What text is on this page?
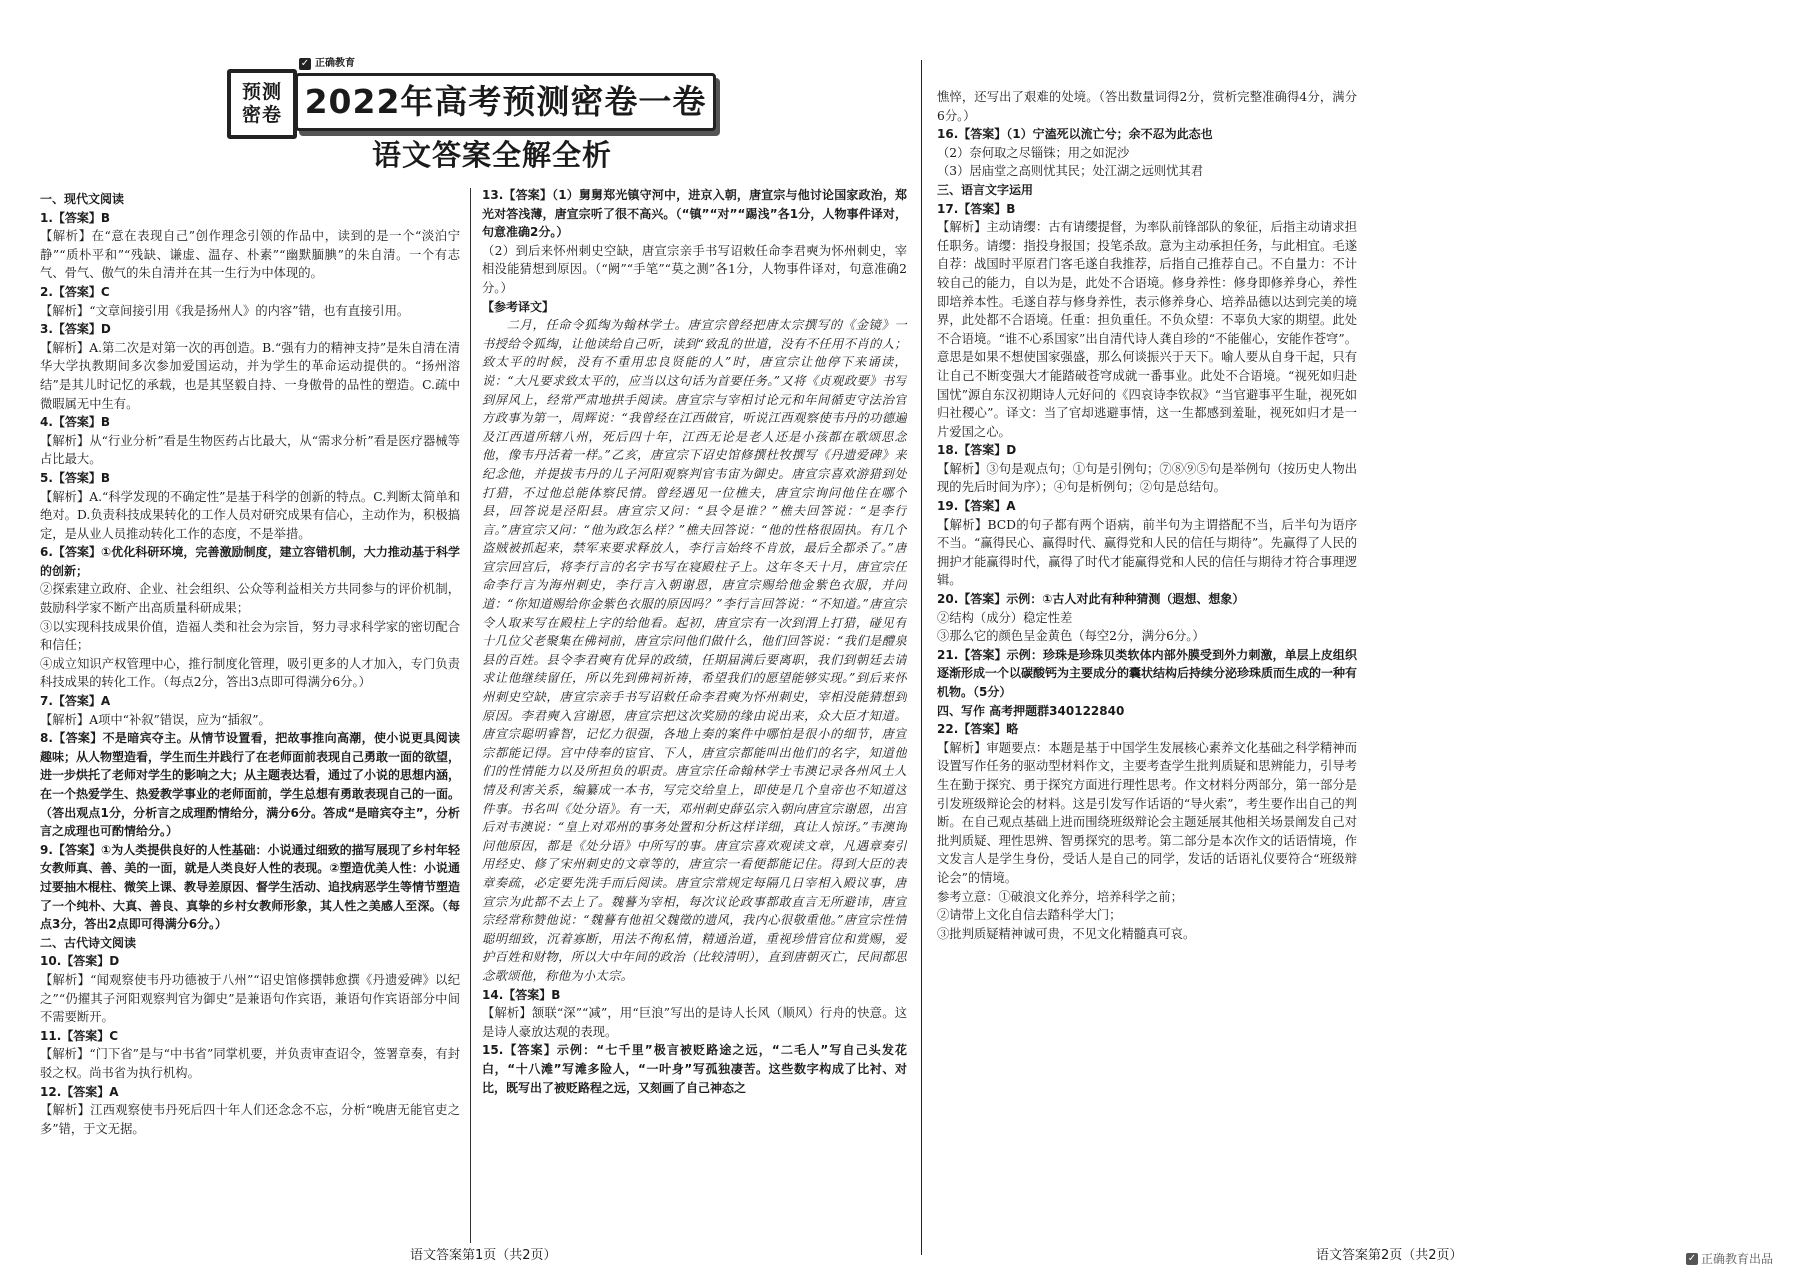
预测
密卷
✓ 正确教育
2022年高考预测密卷一卷
语文答案全解全析

一、现代文阅读

1.【答案】B

【解析】在“意在表现自己”创作理念引领的作品中，读到的是一个“淡泊宁静”“质朴平和”“残缺、谦虚、温存、朴素”“幽默腼腆”的朱自清。一个有志气、骨气、傲气的朱自清并在其一生行为中体现的。

2.【答案】C

【解析】“文章间接引用《我是扬州人》的内容”错，也有直接引用。

3.【答案】D

【解析】A.第二次是对第一次的再创造。B.“强有力的精神支持”是朱自清在清华大学执教期间多次参加爱国运动，并为学生的革命运动提供的。“扬州溶结”是其儿时记忆的承载，也是其坚毅自持、一身傲骨的品性的塑造。C.疏中微暇属无中生有。

4.【答案】B

【解析】从“行业分析”看是生物医药占比最大，从“需求分析”看是医疗器械等占比最大。

5.【答案】B

【解析】A.“科学发现的不确定性”是基于科学的创新的特点。C.判断太简单和绝对。D.负责科技成果转化的工作人员对研究成果有信心，主动作为，积极搞定，是从业人员推动转化工作的态度，不是举措。

6.【答案】①优化科研环境，完善激励制度，建立容错机制，大力推动基于科学的创新；

②探索建立政府、企业、社会组织、公众等利益相关方共同参与的评价机制，鼓励科学家不断产出高质量科研成果；

③以实现科技成果价值，造福人类和社会为宗旨，努力寻求科学家的密切配合和信任；

④成立知识产权管理中心，推行制度化管理，吸引更多的人才加入，专门负责科技成果的转化工作。（每点2分，答出3点即可得满分6分。）

7.【答案】A

【解析】A项中“补叙”错误，应为“插叙”。

8.【答案】不是暗宾夺主。从情节设置看，把故事推向高潮，使小说更具阅读趣味；从人物塑造看，学生而生并践行了在老师面前表现自己勇敢一面的欲望，进一步烘托了老师对学生的影响之大；从主题表达看，通过了小说的思想内涵，在一个热爱学生、热爱教学事业的老师面前，学生总想有勇敢表现自己的一面。（答出观点1分，分析言之成理酌情给分，满分6分。答成“是暗宾夺主”，分析言之成理也可酌情给分。）

9.【答案】①为人类提供良好的人性基础：小说通过细致的描写展现了乡村年轻女教师真、善、美的一面，就是人类良好人性的表现。②塑造优美人性：小说通过要抽木棍柱、微笑上课、教导差原因、督学生活动、追找病恶学生等情节塑造了一个纯朴、大真、善良、真挚的乡村女教师形象，其人性之美感人至深。（每点3分，答出2点即可得满分6分。）

二、古代诗文阅读

10.【答案】D

【解析】“闻观察使韦丹功德被于八州”“诏史馆修撰韩愈撰《丹遗爱碑》以纪之”“仍擢其子河阳观察判官为御史”是兼语句作宾语，兼语句作宾语部分中间不需要断开。

11.【答案】C

【解析】“门下省”是与“中书省”同掌机要，并负责审查诏令，签署章奏，有封驳之权。尚书省为执行机构。

12.【答案】A

【解析】江西观察使韦丹死后四十年人们还念念不忘，分析“晚唐无能官吏之多”错，于文无据。

13.【答案】（1）舅舅郑光镇守河中，进京入朝，唐宣宗与他讨论国家政治，郑光对答浅薄，唐宣宗听了很不高兴。（“镇”“对”“踢浅”各1分，人物事件译对，句意准确2分。）

（2）到后来怀州刺史空缺，唐宣宗亲手书写诏敕任命李君奭为怀州刺史，宰相没能猜想到原因。（“阙”“手笔”“莫之测”各1分，人物事件译对，句意准确2分。）

【参考译文】

二月，任命令狐绹为翰林学士。唐宣宗曾经把唐太宗撰写的《金镜》一书授给令狐绹，让他读给自己听，读到“致乱的世道，没有不任用不肖的人；致太平的时候，没有不重用忠良贤能的人”时，唐宣宗让他停下来诵读，说：“大凡要求致太平的，应当以这句话为首要任务。”又将《贞观政要》书写到屏风上，经常严肃地拱手阅读。唐宣宗与宰相讨论元和年间循吏守法治官方政事为第一，周辉说：“我曾经在江西做官，听说江西观察使韦丹的功德遍及江西道所辖八州，死后四十年，江西无论是老人还是小孩都在歌颂思念他，像韦丹活着一样。”乙亥，唐宣宗下诏史馆修撰杜牧撰写《丹遗爱碑》来纪念他，并提拔韦丹的儿子河阳观察判官韦宙为御史。唐宣宗喜欢游猎到处打猎，不过他总能体察民情。曾经遇见一位樵夫，唐宣宗询问他住在哪个县，回答说是泾阳县。唐宣宗又问：“县令是谁？”樵夫回答说：“是李行言。”唐宣宗又问：“他为政怎么样？”樵夫回答说：“他的性格很固执。有几个盗贼被抓起来，禁军来要求释放人，李行言始终不肯放，最后全都杀了。”唐宣宗回宫后，将李行言的名字书写在寝殿柱子上。这年冬天十月，唐宣宗任命李行言为海州刺史，李行言入朝谢恩，唐宣宗赐给他金紫色衣服，并问道：“你知道赐给你金紫色衣服的原因吗？”李行言回答说：“不知道。”唐宣宗令人取来写在殿柱上字的给他看。起初，唐宣宗有一次到渭上打猎，碰见有十几位父老聚集在佛祠前，唐宣宗问他们做什么，他们回答说：“我们是醴泉县的百姓。县令李君奭有优异的政绩，任期届满后要离职，我们到朝廷去请求让他继续留任，所以先到佛祠祈祷，希望我们的愿望能够实现。”到后来怀州刺史空缺，唐宣宗亲手书写诏敕任命李君奭为怀州刺史，宰相没能猜想到原因。李君奭入宫谢恩，唐宣宗把这次奖励的缘由说出来，众大臣才知道。唐宣宗聪明睿智，记忆力很强，各地上奏的案件中哪怕是很小的细节，唐宣宗都能记得。宫中侍奉的宦官、下人，唐宣宗都能叫出他们的名字，知道他们的性情能力以及所担负的职责。唐宣宗任命翰林学士韦澳记录各州风土人情及利害关系，编纂成一本书，写完交给皇上，即使是几个皇帝也不知道这件事。书名叫《处分语》。有一天，邓州刺史薛弘宗入朝向唐宣宗谢恩，出宫后对韦澳说：“皇上对邓州的事务处置和分析这样详细，真让人惊讶。”韦澳询问他原因，都是《处分语》中所写的事。唐宣宗喜欢观读文章，凡遇章奏引用经史、修了宋州刺史的文章等的，唐宣宗一看便都能记住。得到大臣的表章奏疏，必定要先洗手而后阅读。唐宣宗常规定每隔几日宰相入殿议事，唐宣宗为此都不去上了。魏謩为宰相，每次议论政事都敢直言无所避讳，唐宣宗经常称赞他说：“魏謩有他祖父魏徵的遗风，我内心很敬重他。”唐宣宗性情聪明细致，沉着寡断，用法不徇私情，精通治道，重视珍惜官位和赏赐，爱护百姓和财物，所以大中年间的政治（比较清明），直到唐朝灭亡，民间都思念歌颂他，称他为小太宗。

14.【答案】B

【解析】颔联“深”“减”，用“巨浪”写出的是诗人长风（顺风）行舟的快意。这是诗人豪放达观的表现。

15.【答案】示例：“七千里”极言被贬路途之远，“二毛人”写自己头发花白，“十八滩”写滩多险人，“一叶身”写孤独凄苦。这些数字构成了比衬、对比，既写出了被贬路程之远，又刻画了自己神态之

憔悴，还写出了艰难的处境。（答出数量词得2分，赏析完整准确得4分，满分6分。）

16.【答案】（1）宁溘死以流亡兮；余不忍为此态也

（2）奈何取之尽锱铢；用之如泥沙

（3）居庙堂之高则忧其民；处江湖之远则忧其君

三、语言文字运用

17.【答案】B

【解析】主动请缨：古有请缨提督，为率队前锋部队的象征，后指主动请求担任职务。请缨：指投身报国；投笔杀敌。意为主动承担任务，与此相宜。毛遂自荐：战国时平原君门客毛遂自我推荐，后指自己推荐自己。不自量力：不计较自己的能力，自以为是，此处不合语境。修身养性：修身即修养身心，养性即培养本性。毛遂自荐与修身养性，表示修养身心、培养品德以达到完美的境界，此处都不合语境。任重：担负重任。不负众望：不辜负大家的期望。此处不合语境。“谁不心系国家”出自清代诗人龚自珍的“不能催心，安能作苍穹”。意思是如果不想使国家强盛，那么何谈振兴于天下。喻人要从自身干起，只有让自己不断变强大才能踏破苍穹成就一番事业。此处不合语境。“视死如归赴国忧”源自东汉初期诗人元好问的《四哀诗李钦叔》“当官避事平生耻，视死如归社稷心”。译文：当了官却逃避事情，这一生都感到羞耻，视死如归才是一片爱国之心。

18.【答案】D

【解析】③句是观点句；①句是引例句；⑦⑧⑨⑤句是举例句（按历史人物出现的先后时间为序）；④句是析例句；②句是总结句。

19.【答案】A

【解析】BCD的句子都有两个语病，前半句为主谓搭配不当，后半句为语序不当。“赢得民心、赢得时代、赢得党和人民的信任与期待”。先赢得了人民的拥护才能赢得时代，赢得了时代才能赢得党和人民的信任与期待才符合事理逻辑。

20.【答案】示例：①古人对此有种种猜测（遐想、想象）

②结构（成分）稳定性差

③那么它的颜色呈金黄色（每空2分，满分6分。）

21.【答案】示例：珍珠是珍珠贝类软体内部外膜受到外力刺激，单层上皮组织逐渐形成一个以碳酸钙为主要成分的囊状结构后持续分泌珍珠质而生成的一种有机物。（5分）

四、写作 高考押题群340122840

22.【答案】略

【解析】审题要点：本题是基于中国学生发展核心素养文化基础之科学精神而设置写作任务的驱动型材料作文，主要考查学生批判质疑和思辨能力，引导考生在勤于探究、勇于探究方面进行理性思考。作文材料分两部分，第一部分是引发班级辩论会的材料。这是引发写作话语的“导火索”，考生要作出自己的判断。在自己观点基础上进而围绕班级辩论会主题延展其他相关场景阐发自己对批判质疑、理性思辨、智勇探究的思考。第二部分是本次作文的话语情境，作文发言人是学生身份，受话人是自己的同学，发话的话语礼仪要符合“班级辩论会”的情境。

参考立意：①破浪文化养分，培养科学之前；

②请带上文化自信去踏科学大门；

③批判质疑精神诚可贵，不见文化精髓真可哀。

语文答案第1页（共2页）	语文答案第2页（共2页）	✓ 正确教育出品
